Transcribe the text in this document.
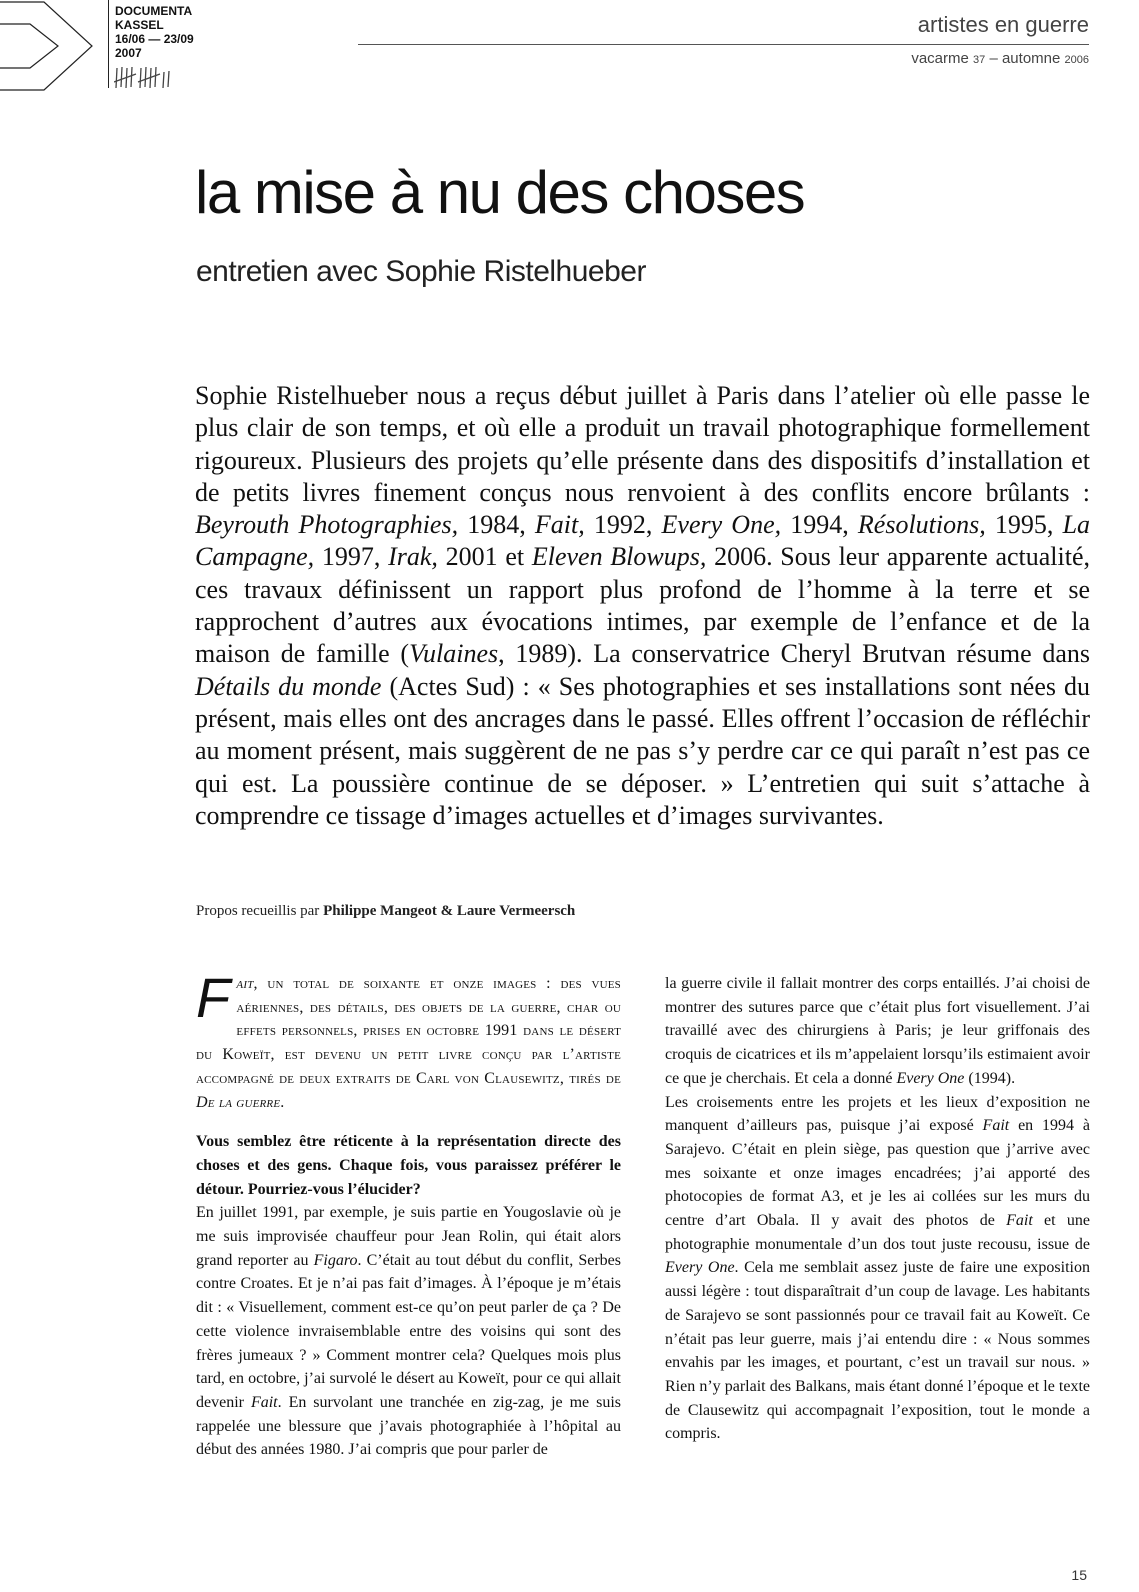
DOCUMENTA
KASSEL
16/06 — 23/09
2007
artistes en guerre
vacarme 37 – automne 2006
la mise à nu des choses
entretien avec Sophie Ristelhueber

Sophie Ristelhueber nous a reçus début juillet à Paris dans l’atelier où elle passe le plus clair de son temps, et où elle a produit un travail photographique formellement rigoureux. Plusieurs des projets qu’elle présente dans des dispositifs d’installation et de petits livres finement conçus nous renvoient à des conflits encore brûlants : Beyrouth Photographies, 1984, Fait, 1992, Every One, 1994, Résolutions, 1995, La Campagne, 1997, Irak, 2001 et Eleven Blowups, 2006. Sous leur apparente actualité, ces travaux définissent un rapport plus profond de l’homme à la terre et se rapprochent d’autres aux évocations intimes, par exemple de l’enfance et de la maison de famille (Vulaines, 1989). La conservatrice Cheryl Brutvan résume dans Détails du monde (Actes Sud) : « Ses photographies et ses installations sont nées du présent, mais elles ont des ancrages dans le passé. Elles offrent l’occasion de réfléchir au moment présent, mais suggèrent de ne pas s’y perdre car ce qui paraît n’est pas ce qui est. La poussière continue de se déposer. » L’entretien qui suit s’attache à comprendre ce tissage d’images actuelles et d’images survivantes.

Propos recueillis par Philippe Mangeot & Laure Vermeersch

Fait, un total de soixante et onze images : des vues aériennes, des détails, des objets de la guerre, char ou effets personnels, prises en octobre 1991 dans le désert du Koweït, est devenu un petit livre conçu par l’artiste accompagné de deux extraits de Carl von Clausewitz, tirés de De la guerre.

Vous semblez être réticente à la représentation directe des choses et des gens. Chaque fois, vous paraissez préférer le détour. Pourriez-vous l’élucider?

En juillet 1991, par exemple, je suis partie en Yougoslavie où je me suis improvisée chauffeur pour Jean Rolin, qui était alors grand reporter au Figaro. C’était au tout début du conflit, Serbes contre Croates. Et je n’ai pas fait d’images. À l’époque je m’étais dit : « Visuellement, comment est-ce qu’on peut parler de ça ? De cette violence invraisemblable entre des voisins qui sont des frères jumeaux ? » Comment montrer cela? Quelques mois plus tard, en octobre, j’ai survolé le désert au Koweït, pour ce qui allait devenir Fait. En survolant une tranchée en zig-zag, je me suis rappelée une blessure que j’avais photographiée à l’hôpital au début des années 1980. J’ai compris que pour parler de

la guerre civile il fallait montrer des corps entaillés. J’ai choisi de montrer des sutures parce que c’était plus fort visuellement. J’ai travaillé avec des chirurgiens à Paris; je leur griffonais des croquis de cicatrices et ils m’appelaient lorsqu’ils estimaient avoir ce que je cherchais. Et cela a donné Every One (1994).

Les croisements entre les projets et les lieux d’exposition ne manquent d’ailleurs pas, puisque j’ai exposé Fait en 1994 à Sarajevo. C’était en plein siège, pas question que j’arrive avec mes soixante et onze images encadrées; j’ai apporté des photocopies de format A3, et je les ai collées sur les murs du centre d’art Obala. Il y avait des photos de Fait et une photographie monumentale d’un dos tout juste recousu, issue de Every One. Cela me semblait assez juste de faire une exposition aussi légère : tout disparaîtrait d’un coup de lavage. Les habitants de Sarajevo se sont passionnés pour ce travail fait au Koweït. Ce n’était pas leur guerre, mais j’ai entendu dire : « Nous sommes envahis par les images, et pourtant, c’est un travail sur nous. » Rien n’y parlait des Balkans, mais étant donné l’époque et le texte de Clausewitz qui accompagnait l’exposition, tout le monde a compris.

15
